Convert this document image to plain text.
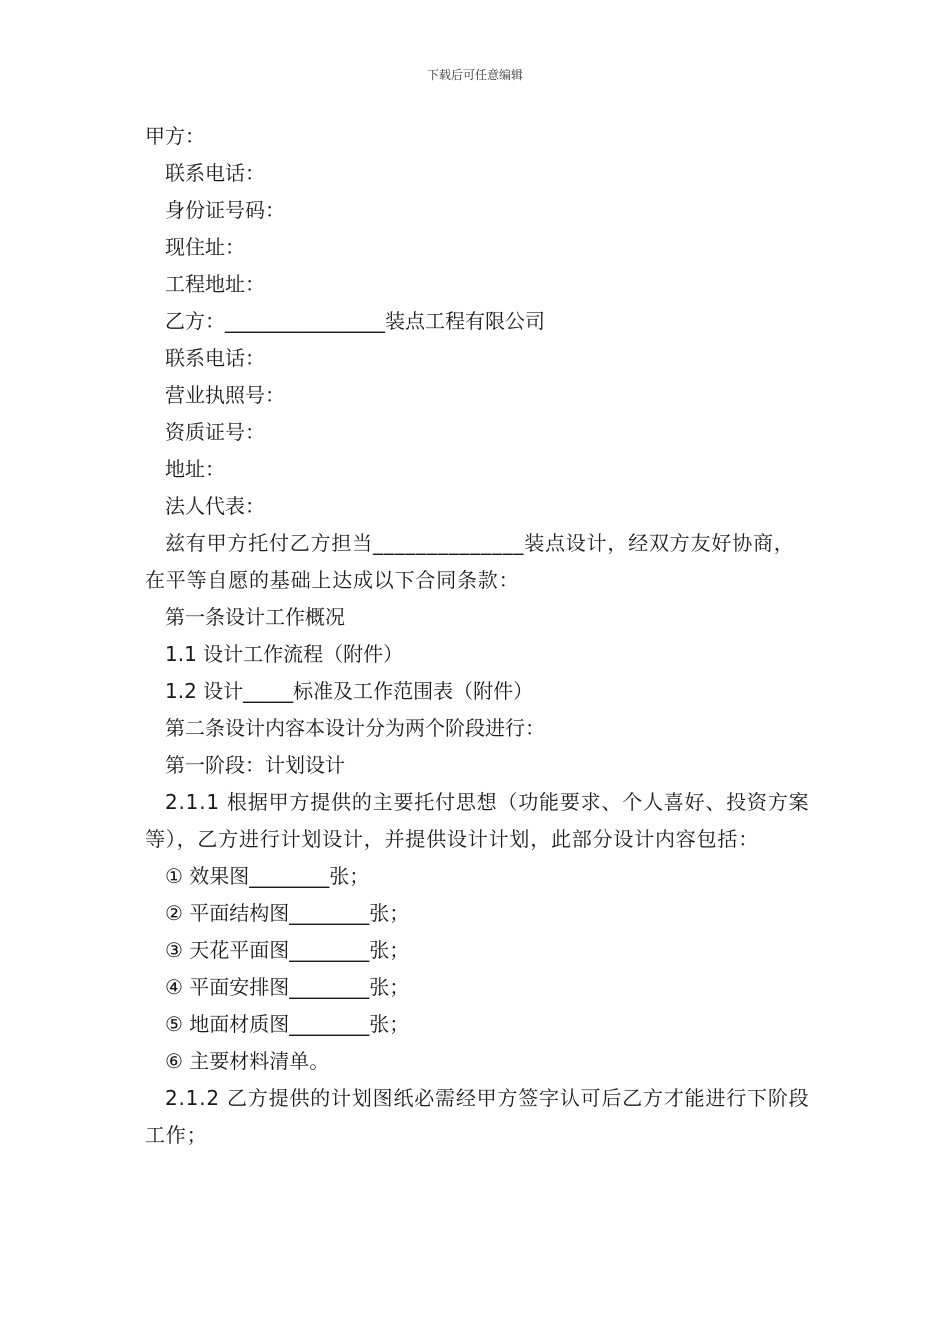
下载后可任意编辑
甲方：
联系电话：
身份证号码：
现住址：
工程地址：
乙方：________________装点工程有限公司
联系电话：
营业执照号：
资质证号：
地址：
法人代表：
兹有甲方托付乙方担当______________装点设计，经双方友好协商，在平等自愿的基础上达成以下合同条款：
第一条设计工作概况
1.1 设计工作流程（附件）
1.2 设计_____标准及工作范围表（附件）
第二条设计内容本设计分为两个阶段进行：
第一阶段：计划设计
2.1.1 根据甲方提供的主要托付思想（功能要求、个人喜好、投资方案等），乙方进行计划设计，并提供设计计划，此部分设计内容包括：
① 效果图________张；
② 平面结构图________张；
③ 天花平面图________张；
④ 平面安排图________张；
⑤ 地面材质图________张；
⑥ 主要材料清单。
2.1.2 乙方提供的计划图纸必需经甲方签字认可后乙方才能进行下阶段工作；
